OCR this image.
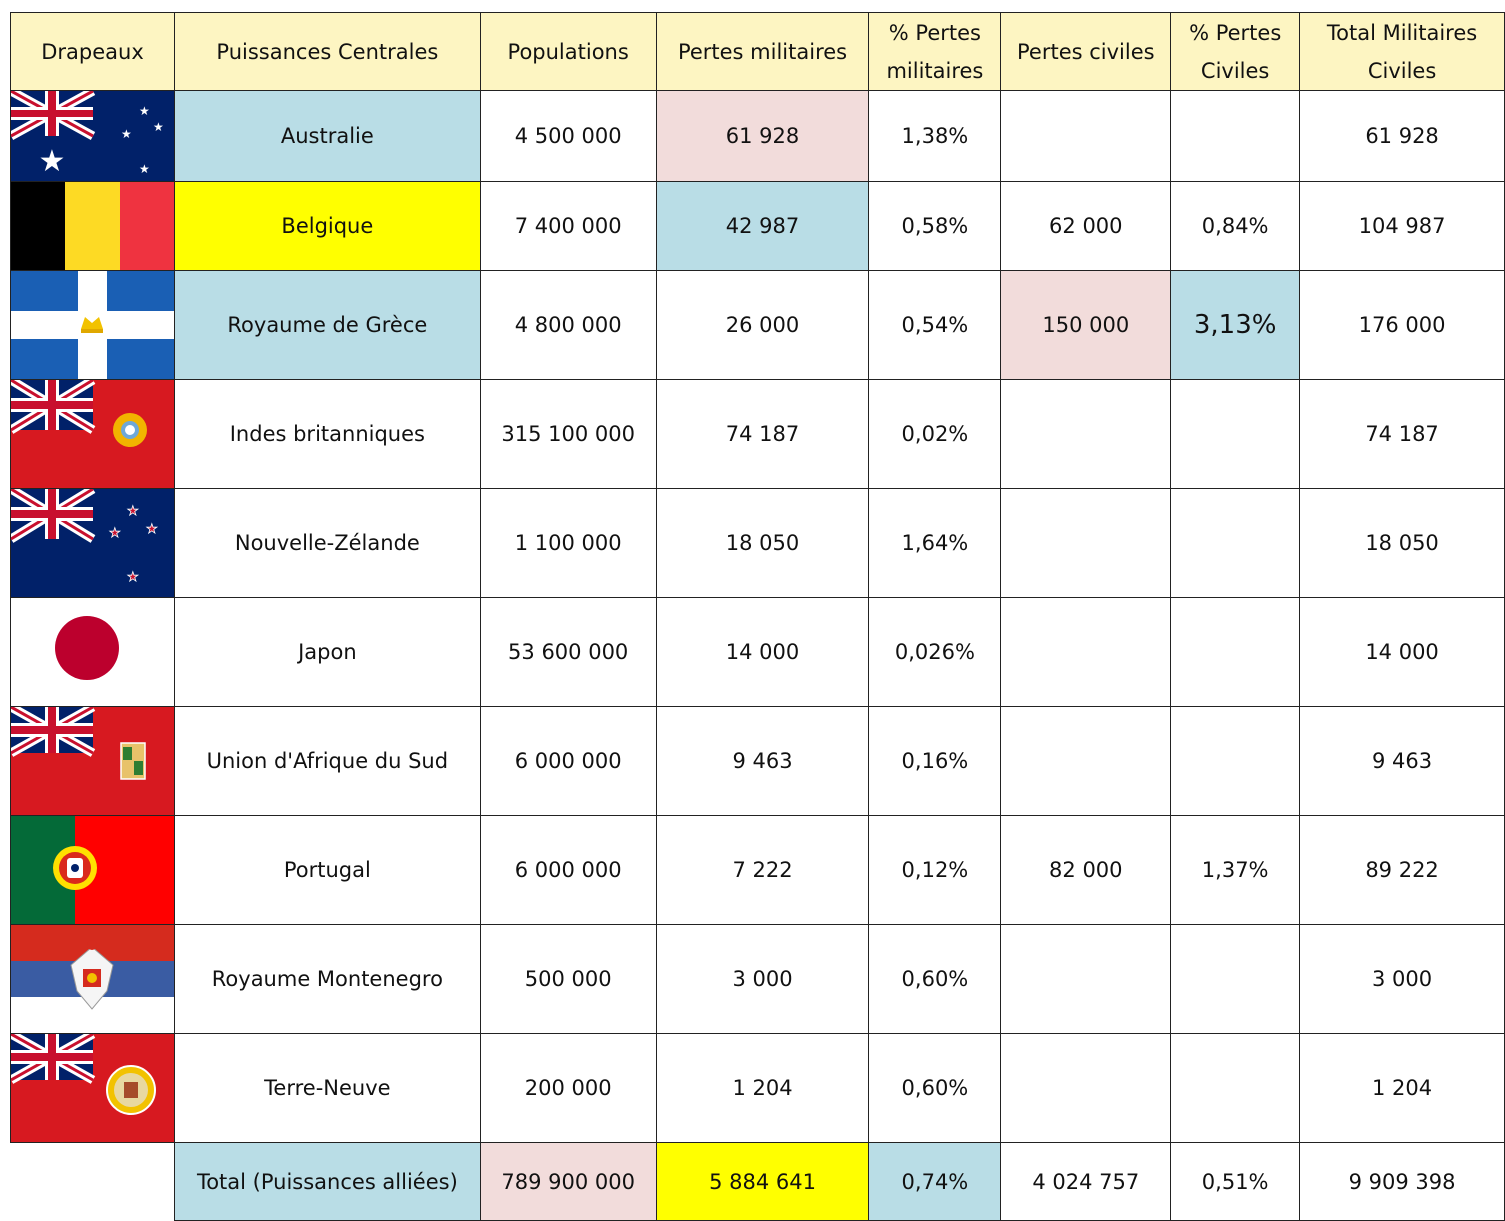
Drapeaux	Puissances Centrales	Populations	Pertes militaires	% Pertes militaires	Pertes civiles	% Pertes Civiles	Total Militaires Civiles

★
★
★ ★
★	Australie	4 500 000	61 928	1,38%			61 928

	Belgique	7 400 000	42 987	0,58%	62 000	0,84%	104 987

	Royaume de Grèce	4 800 000	26 000	0,54%	150 000	3,13%	176 000

	Indes britanniques	315 100 000	74 187	0,02%			74 187

★
★ ★
★	Nouvelle-Zélande	1 100 000	18 050	1,64%			18 050

	Japon	53 600 000	14 000	0,026%			14 000

	Union d'Afrique du Sud	6 000 000	9 463	0,16%			9 463

	Portugal	6 000 000	7 222	0,12%	82 000	1,37%	89 222

	Royaume Montenegro	500 000	3 000	0,60%			3 000

	Terre-Neuve	200 000	1 204	0,60%			1 204
	Total (Puissances alliées)	789 900 000	5 884 641	0,74%	4 024 757	0,51%	9 909 398
